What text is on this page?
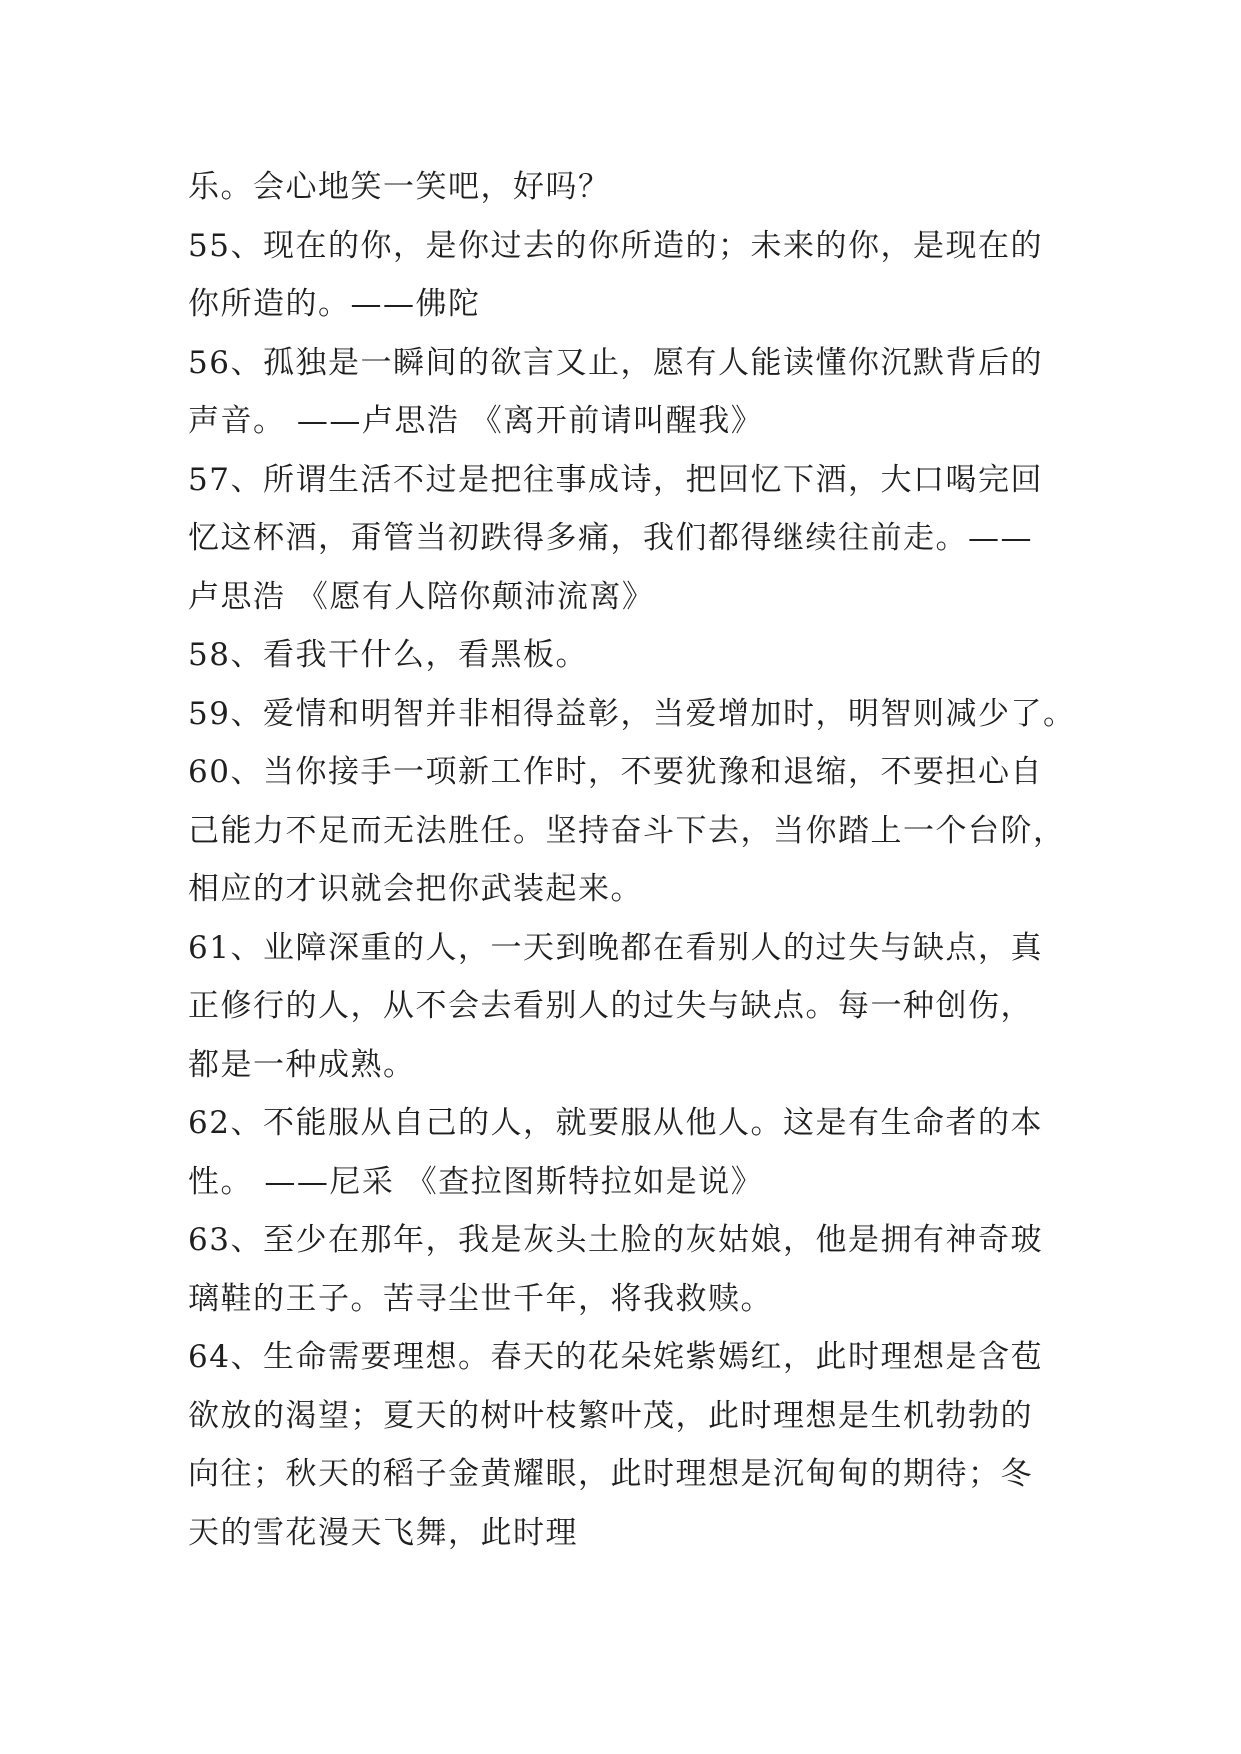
乐。会心地笑一笑吧，好吗？
55、现在的你，是你过去的你所造的；未来的你，是现在的
你所造的。——佛陀
56、孤独是一瞬间的欲言又止，愿有人能读懂你沉默背后的
声音。 ——卢思浩 《离开前请叫醒我》
57、所谓生活不过是把往事成诗，把回忆下酒，大口喝完回
忆这杯酒，甭管当初跌得多痛，我们都得继续往前走。——
卢思浩 《愿有人陪你颠沛流离》
58、看我干什么，看黑板。
59、爱情和明智并非相得益彰，当爱增加时，明智则减少了。
60、当你接手一项新工作时，不要犹豫和退缩，不要担心自
己能力不足而无法胜任。坚持奋斗下去，当你踏上一个台阶，
相应的才识就会把你武装起来。
61、业障深重的人，一天到晚都在看别人的过失与缺点，真
正修行的人，从不会去看别人的过失与缺点。每一种创伤，
都是一种成熟。
62、不能服从自己的人，就要服从他人。这是有生命者的本
性。 ——尼采 《查拉图斯特拉如是说》
63、至少在那年，我是灰头土脸的灰姑娘，他是拥有神奇玻
璃鞋的王子。苦寻尘世千年，将我救赎。
64、生命需要理想。春天的花朵姹紫嫣红，此时理想是含苞
欲放的渴望；夏天的树叶枝繁叶茂，此时理想是生机勃勃的
向往；秋天的稻子金黄耀眼，此时理想是沉甸甸的期待；冬
天的雪花漫天飞舞，此时理
